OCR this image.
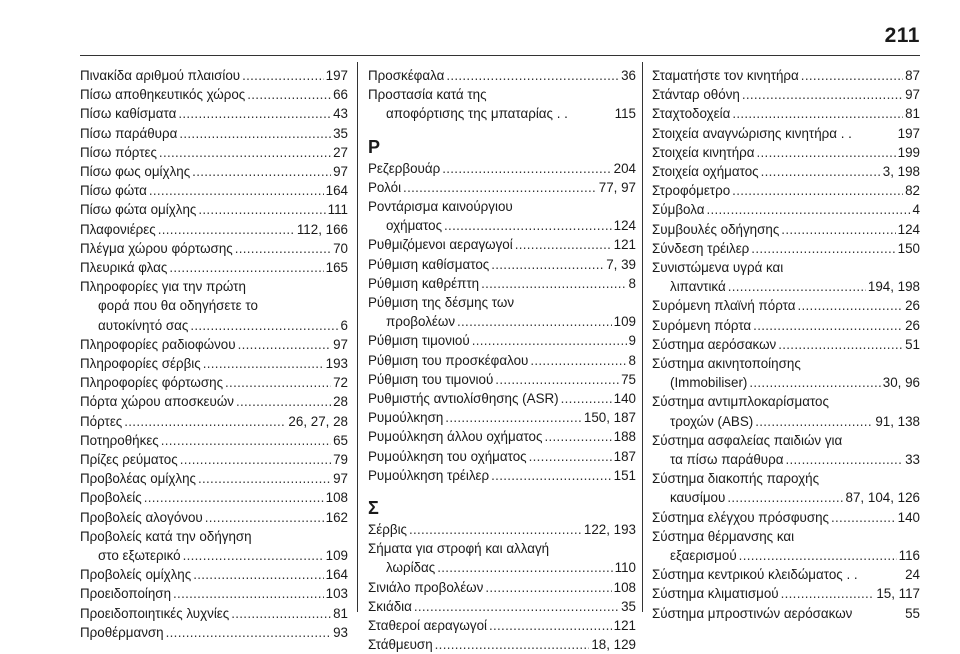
211
Πινακίδα αριθμού πλαισίου .....	197
Πίσω αποθηκευτικός χώρος .....	66
Πίσω καθίσματα .....	43
Πίσω παράθυρα .....	35
Πίσω πόρτες .....	27
Πίσω φως ομίχλης .....	97
Πίσω φώτα .....	164
Πίσω φώτα ομίχλης .....	111
Πλαφονιέρες .....	112, 166
Πλέγμα χώρου φόρτωσης .....	70
Πλευρικά φλας .....	165
Πληροφορίες για την πρώτη
φορά που θα οδηγήσετε το
αυτοκίνητό σας .....	6
Πληροφορίες ραδιοφώνου .....	97
Πληροφορίες σέρβις .....	193
Πληροφορίες φόρτωσης .....	72
Πόρτα χώρου αποσκευών .....	28
Πόρτες .....	26, 27, 28
Ποτηροθήκες .....	65
Πρίζες ρεύματος .....	79
Προβολέας ομίχλης .....	97
Προβολείς .....	108
Προβολείς αλογόνου .....	162
Προβολείς κατά την οδήγηση
στο εξωτερικό .....	109
Προβολείς ομίχλης .....	164
Προειδοποίηση .....	103
Προειδοποιητικές λυχνίες .....	81
Προθέρμανση .....	93
Προσκέφαλα .....	36
Προστασία κατά της
αποφόρτισης της μπαταρίας . .	115
Ρ
Ρεζερβουάρ .....	204
Ρολόι .....	77, 97
Ροντάρισμα καινούργιου
οχήματος .....	124
Ρυθμιζόμενοι αεραγωγοί .....	121
Ρύθμιση καθίσματος .....	7, 39
Ρύθμιση καθρέπτη .....	8
Ρύθμιση της δέσμης των
προβολέων .....	109
Ρύθμιση τιμονιού .....	9
Ρύθμιση του προσκέφαλου .....	8
Ρύθμιση του τιμονιού .....	75
Ρυθμιστής αντιολίσθησης (ASR) .....	140
Ρυμούλκηση .....	150, 187
Ρυμούλκηση άλλου οχήματος .....	188
Ρυμούλκηση του οχήματος .....	187
Ρυμούλκηση τρέιλερ .....	151
Σ
Σέρβις .....	122, 193
Σήματα για στροφή και αλλαγή
λωρίδας .....	110
Σινιάλο προβολέων .....	108
Σκιάδια .....	35
Σταθεροί αεραγωγοί .....	121
Στάθμευση .....	18, 129
Σταματήστε τον κινητήρα .....	87
Στάνταρ οθόνη .....	97
Σταχτοδοχεία .....	81
Στοιχεία αναγνώρισης κινητήρα . .	197
Στοιχεία κινητήρα .....	199
Στοιχεία οχήματος .....	3, 198
Στροφόμετρο .....	82
Σύμβολα .....	4
Συμβουλές οδήγησης .....	124
Σύνδεση τρέιλερ .....	150
Συνιστώμενα υγρά και
λιπαντικά .....	194, 198
Συρόμενη πλαϊνή πόρτα .....	26
Συρόμενη πόρτα .....	26
Σύστημα αερόσακων .....	51
Σύστημα ακινητοποίησης
(Immobiliser) .....	30, 96
Σύστημα αντιμπλοκαρίσματος
τροχών (ABS) .....	91, 138
Σύστημα ασφαλείας παιδιών για
τα πίσω παράθυρα .....	33
Σύστημα διακοπής παροχής
καυσίμου .....	87, 104, 126
Σύστημα ελέγχου πρόσφυσης .....	140
Σύστημα θέρμανσης και
εξαερισμού .....	116
Σύστημα κεντρικού κλειδώματος . .	24
Σύστημα κλιματισμού .....	15, 117
Σύστημα μπροστινών αερόσακων	55
